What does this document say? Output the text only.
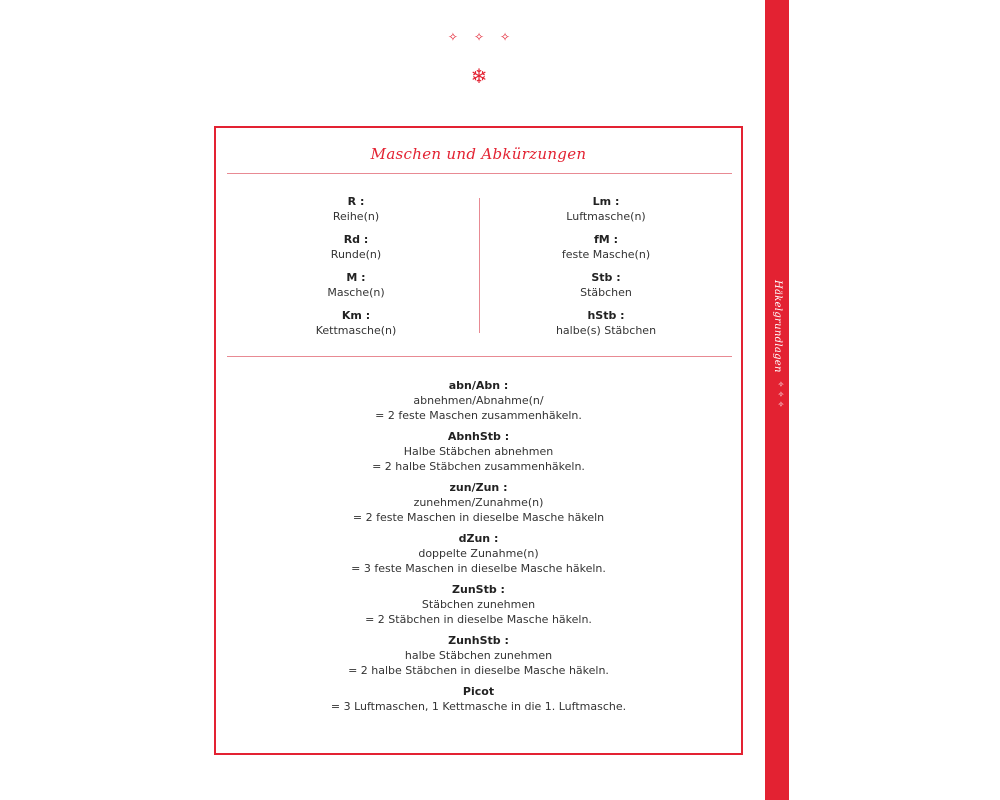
✧ ✧ ✧
❄
Maschen und Abkürzungen
R :
Reihe(n)
Rd :
Runde(n)
M :
Masche(n)
Km :
Kettmasche(n)
Lm :
Luftmasche(n)
fM :
feste Masche(n)
Stb :
Stäbchen
hStb :
halbe(s) Stäbchen
abn/Abn :
abnehmen/Abnahme(n/
= 2 feste Maschen zusammenhäkeln.
AbnhStb :
Halbe Stäbchen abnehmen
= 2 halbe Stäbchen zusammenhäkeln.
zun/Zun :
zunehmen/Zunahme(n)
= 2 feste Maschen in dieselbe Masche häkeln
dZun :
doppelte Zunahme(n)
= 3 feste Maschen in dieselbe Masche häkeln.
ZunStb :
Stäbchen zunehmen
= 2 Stäbchen in dieselbe Masche häkeln.
ZunhStb :
halbe Stäbchen zunehmen
= 2 halbe Stäbchen in dieselbe Masche häkeln.
Picot
= 3 Luftmaschen, 1 Kettmasche in die 1. Luftmasche.
Häkelgrundlagen
✧ ✧ ✧
